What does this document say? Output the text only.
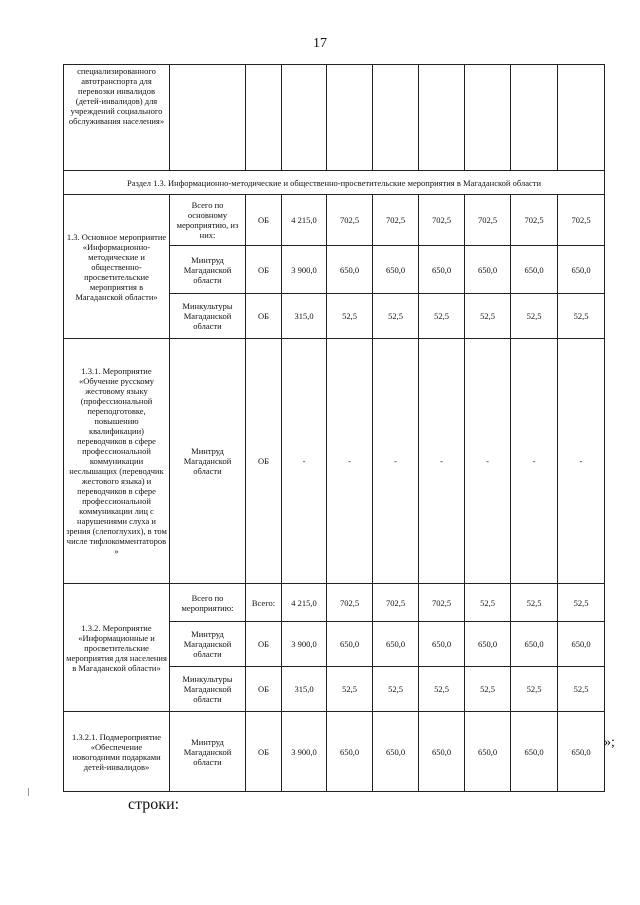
17
специализированного автотранспорта для перевозки инвалидов (детей-инвалидов) для учреждений социального обслуживания населения»									

Раздел 1.3. Информационно-методические и общественно-просветительские мероприятия в Магаданской области									

1.3. Основное мероприятие «Информационно-методические и общественно-просветительские мероприятия в Магаданской области»	Всего по основному мероприятию, из них:	ОБ	4 215,0	702,5	702,5	702,5	702,5	702,5	702,5
	Минтруд Магаданской области	ОБ	3 900,0	650,0	650,0	650,0	650,0	650,0	650,0
	Минкультуры Магаданской области	ОБ	315,0	52,5	52,5	52,5	52,5	52,5	52,5

1.3.1. Мероприятие «Обучение русскому жестовому языку (профессиональной переподготовке, повышению квалификации) переводчиков в сфере профессиональной коммуникации неслышащих (переводчик жестового языка) и переводчиков в сфере профессиональной коммуникации лиц с нарушениями слуха и зрения (слепоглухих), в том числе тифлокомментаторов »	Минтруд Магаданской области	ОБ	-	-	-	-	-	-	-

1.3.2. Мероприятие «Информационные и просветительские мероприятия для населения в Магаданской области»	Всего по мероприятию:	Всего:	4 215,0	702,5	702,5	702,5	52,5	52,5	52,5
	Минтруд Магаданской области	ОБ	3 900,0	650,0	650,0	650,0	650,0	650,0	650,0
	Минкультуры Магаданской области	ОБ	315,0	52,5	52,5	52,5	52,5	52,5	52,5

1.3.2.1. Подмероприятие «Обеспечение новогодними подарками детей-инвалидов»	Минтруд Магаданской области	ОБ	3 900,0	650,0	650,0	650,0	650,0	650,0	650,0
»;
строки:
